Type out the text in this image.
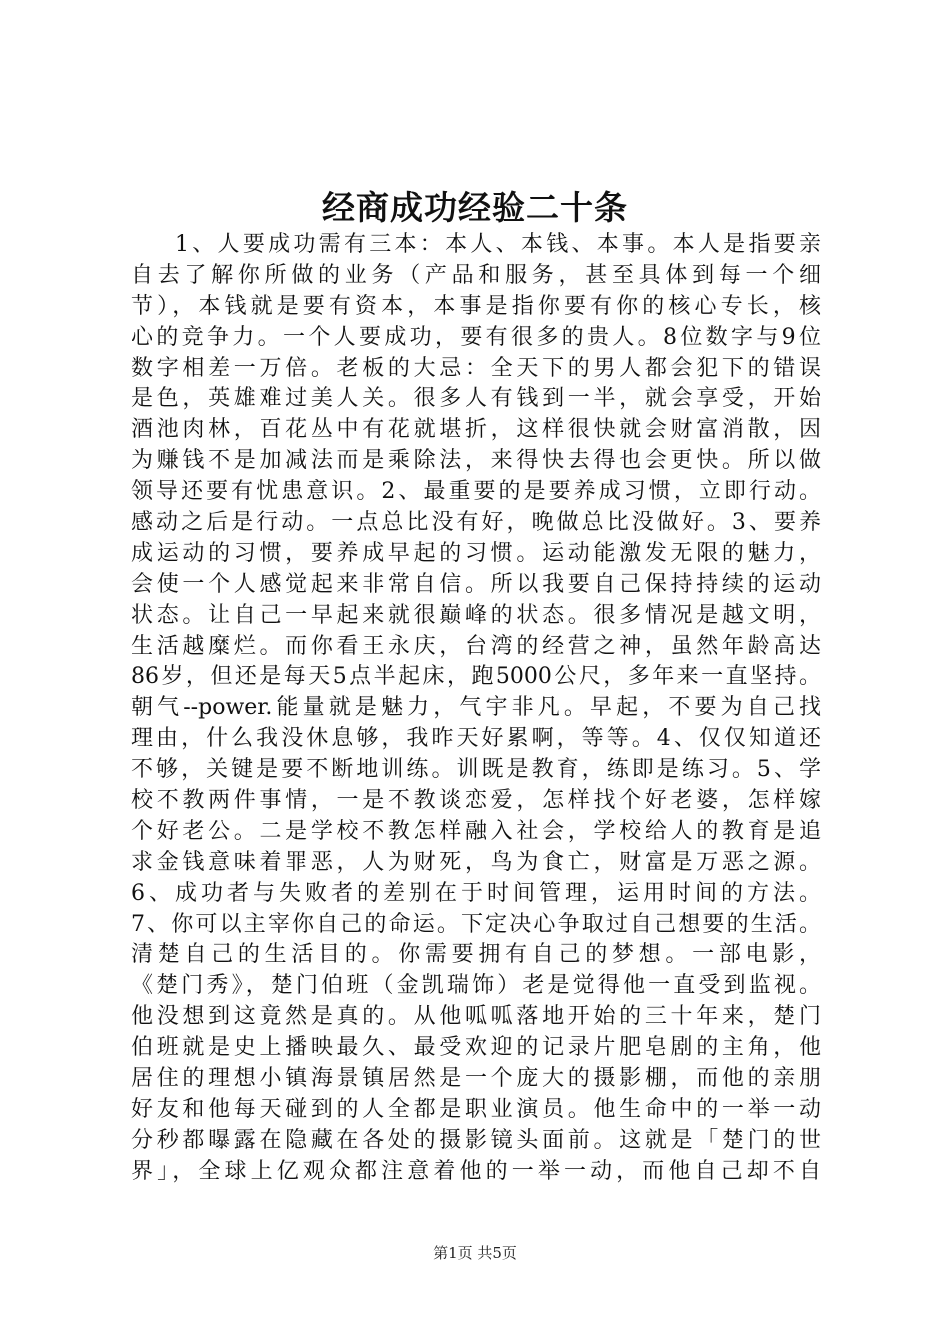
经商成功经验二十条
1、人要成功需有三本：本人、本钱、本事。本人是指要亲
自去了解你所做的业务（产品和服务，甚至具体到每一个细
节），本钱就是要有资本，本事是指你要有你的核心专长，核
心的竞争力。一个人要成功，要有很多的贵人。8位数字与9位
数字相差一万倍。老板的大忌：全天下的男人都会犯下的错误
是色，英雄难过美人关。很多人有钱到一半，就会享受，开始
酒池肉林，百花丛中有花就堪折，这样很快就会财富消散，因
为赚钱不是加减法而是乘除法，来得快去得也会更快。所以做
领导还要有忧患意识。2、最重要的是要养成习惯，立即行动。
感动之后是行动。一点总比没有好，晚做总比没做好。3、要养
成运动的习惯，要养成早起的习惯。运动能激发无限的魅力，
会使一个人感觉起来非常自信。所以我要自己保持持续的运动
状态。让自己一早起来就很巅峰的状态。很多情况是越文明，
生活越糜烂。而你看王永庆，台湾的经营之神，虽然年龄高达
86岁，但还是每天5点半起床，跑5000公尺，多年来一直坚持。
朝气--power.能量就是魅力，气宇非凡。早起，不要为自己找
理由，什么我没休息够，我昨天好累啊，等等。4、仅仅知道还
不够，关键是要不断地训练。训既是教育，练即是练习。5、学
校不教两件事情，一是不教谈恋爱，怎样找个好老婆，怎样嫁
个好老公。二是学校不教怎样融入社会，学校给人的教育是追
求金钱意味着罪恶，人为财死，鸟为食亡，财富是万恶之源。
6、成功者与失败者的差别在于时间管理，运用时间的方法。
7、你可以主宰你自己的命运。下定决心争取过自己想要的生活。
清楚自己的生活目的。你需要拥有自己的梦想。一部电影，
《楚门秀》，楚门伯班（金凯瑞饰）老是觉得他一直受到监视。
他没想到这竟然是真的。从他呱呱落地开始的三十年来，楚门
伯班就是史上播映最久、最受欢迎的记录片肥皂剧的主角，他
居住的理想小镇海景镇居然是一个庞大的摄影棚，而他的亲朋
好友和他每天碰到的人全都是职业演员。他生命中的一举一动
分秒都曝露在隐藏在各处的摄影镜头面前。这就是「楚门的世
界」，全球上亿观众都注意着他的一举一动，而他自己却不自
第1页 共5页
